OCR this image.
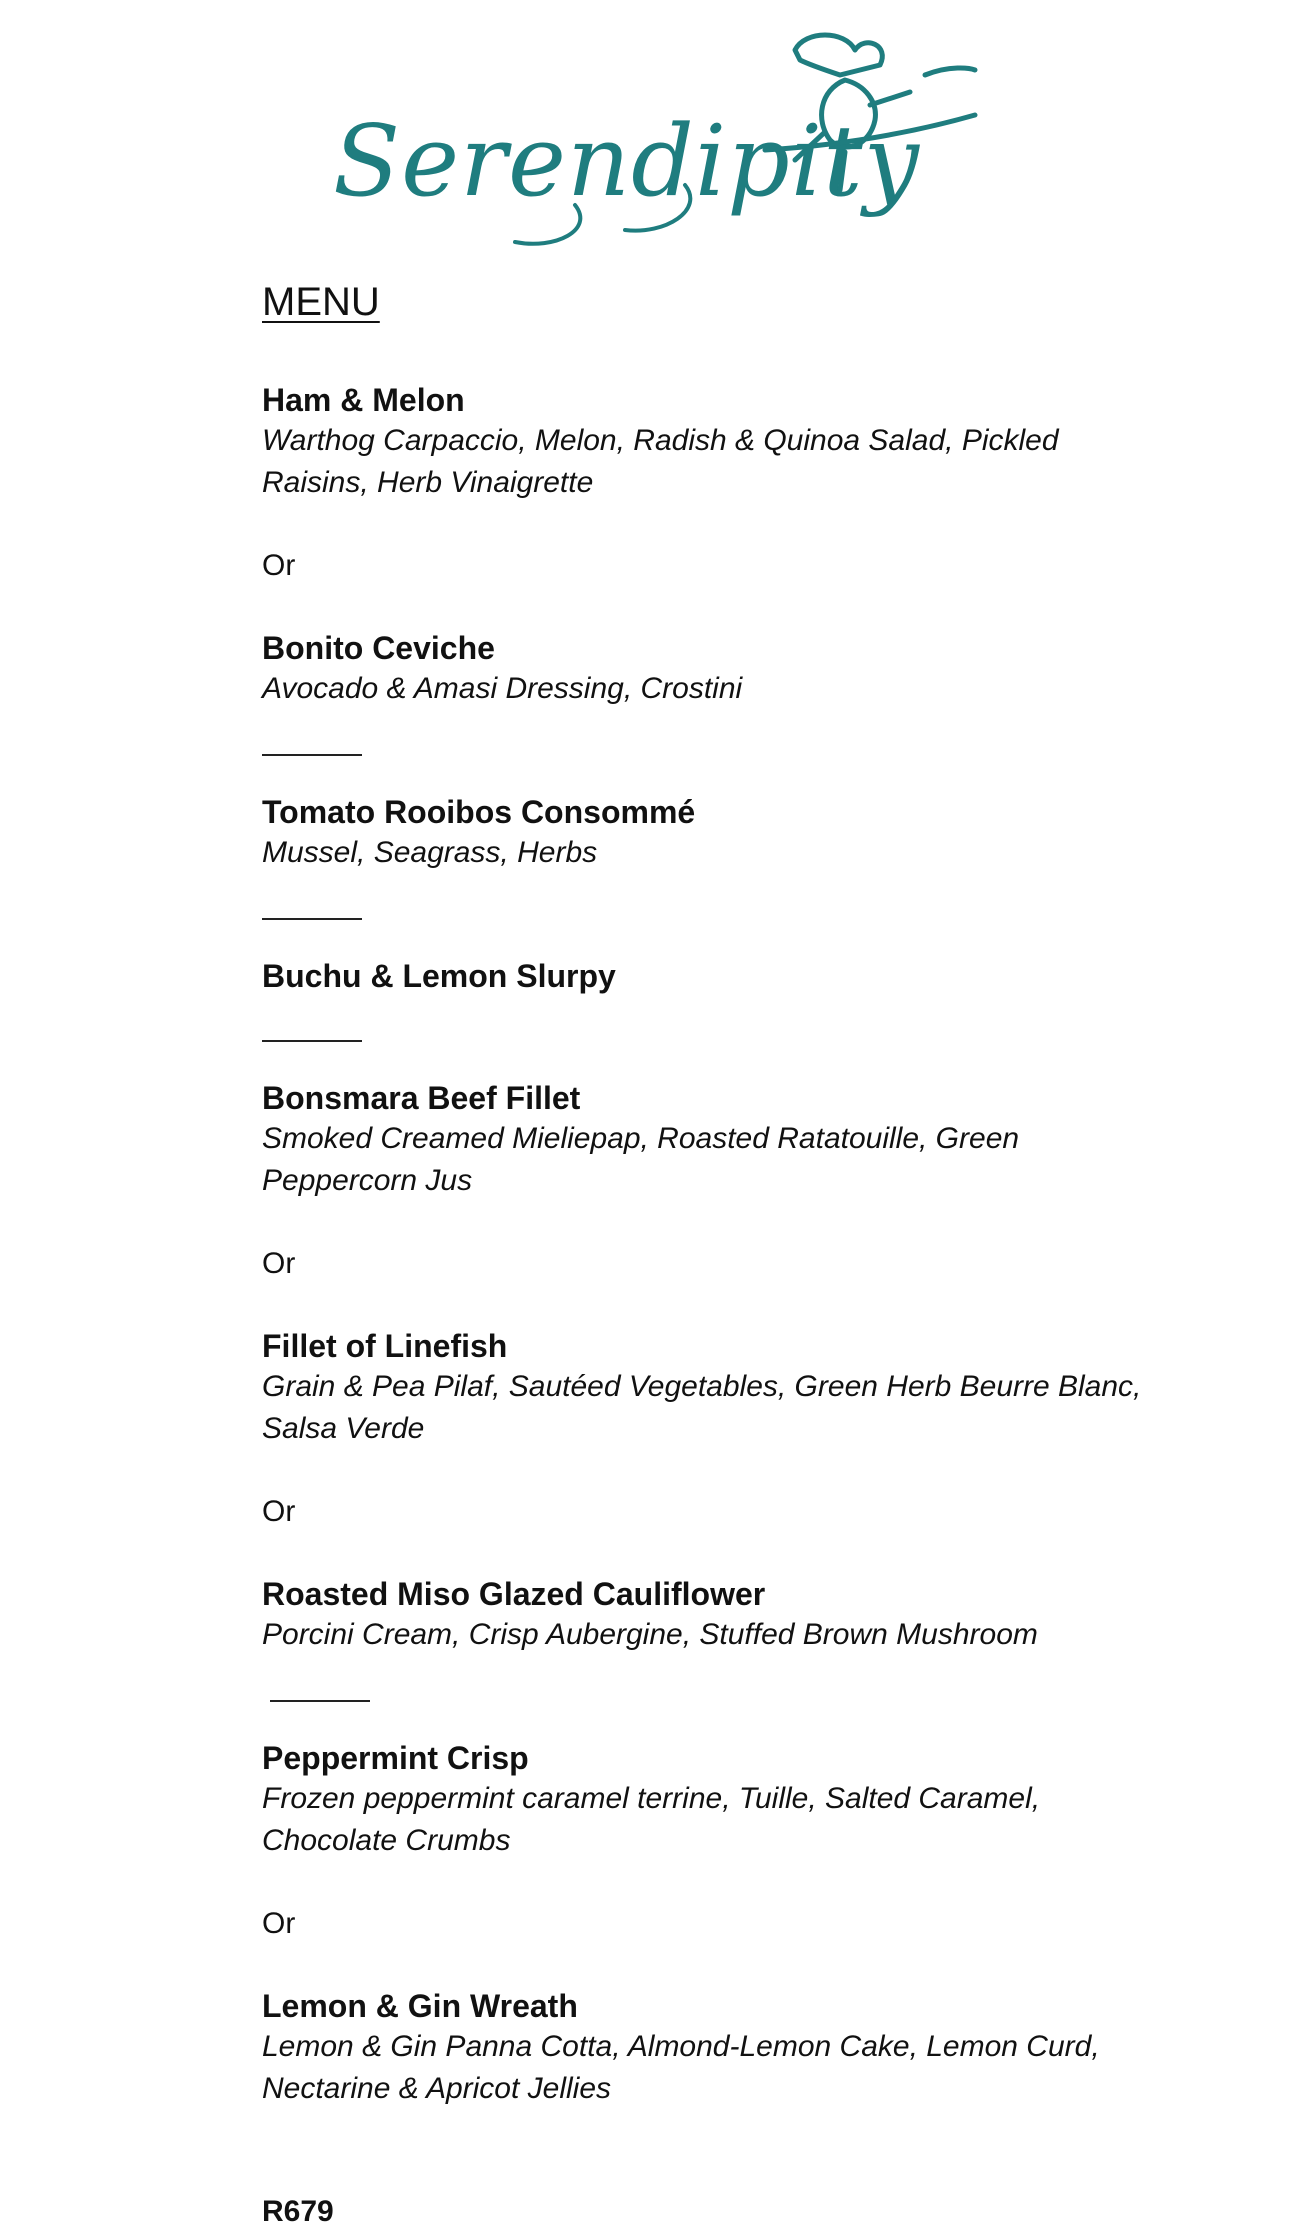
Serendipity
MENU
Ham & Melon
Warthog Carpaccio, Melon, Radish & Quinoa Salad, Pickled
Raisins, Herb Vinaigrette
Or
Bonito Ceviche
Avocado & Amasi Dressing, Crostini
Tomato Rooibos Consommé
Mussel, Seagrass, Herbs
Buchu & Lemon Slurpy
Bonsmara Beef Fillet
Smoked Creamed Mieliepap, Roasted Ratatouille, Green
Peppercorn Jus
Or
Fillet of Linefish
Grain & Pea Pilaf, Sautéed Vegetables, Green Herb Beurre Blanc,
Salsa Verde
Or
Roasted Miso Glazed Cauliflower
Porcini Cream, Crisp Aubergine, Stuffed Brown Mushroom
Peppermint Crisp
Frozen peppermint caramel terrine, Tuille, Salted Caramel,
Chocolate Crumbs
Or
Lemon & Gin Wreath
Lemon & Gin Panna Cotta, Almond-Lemon Cake, Lemon Curd,
Nectarine & Apricot Jellies
R679
